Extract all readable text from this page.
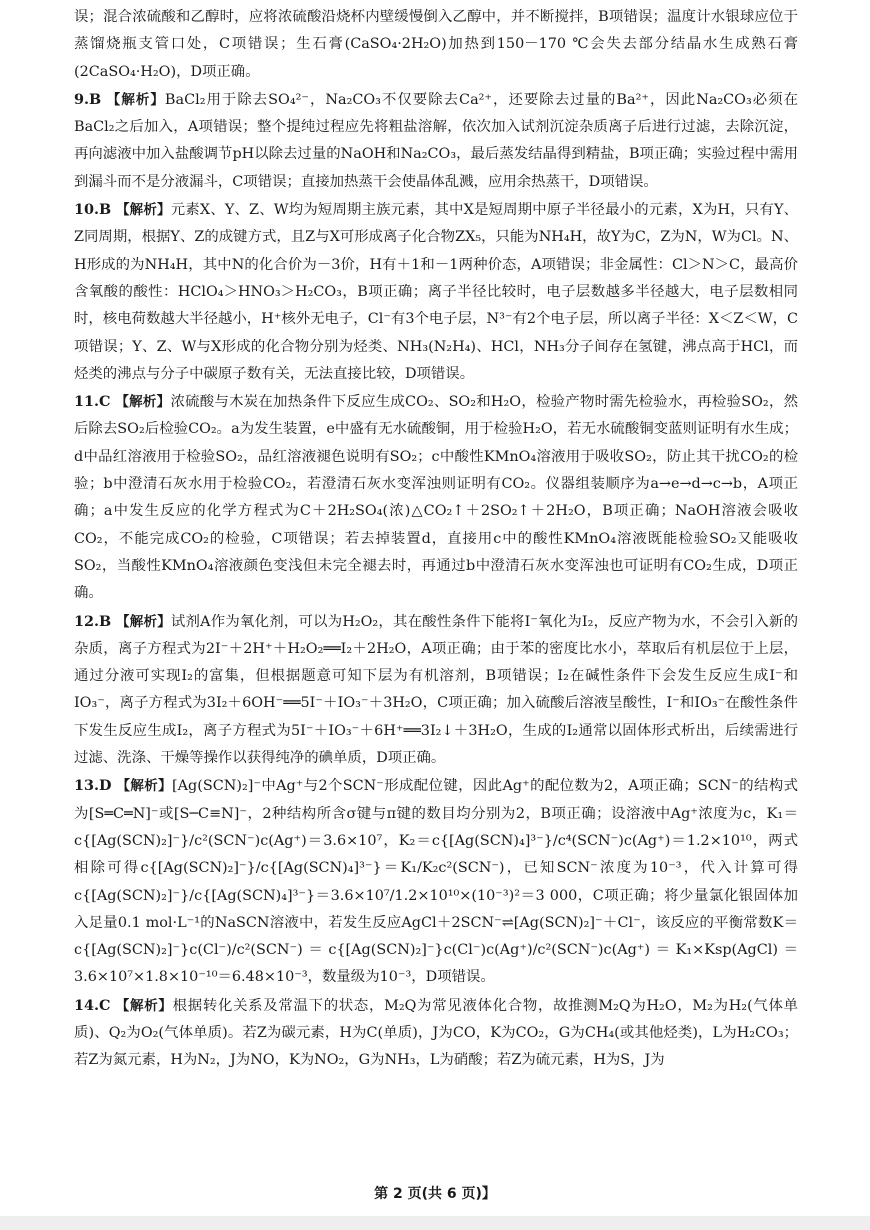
误；混合浓硫酸和乙醇时，应将浓硫酸沿烧杯内壁缓慢倒入乙醇中，并不断搅拌，B项错误；温度计水银球应位于蒸馏烧瓶支管口处，C项错误；生石膏(CaSO₄·2H₂O)加热到150－170 ℃会失去部分结晶水生成熟石膏(2CaSO₄·H₂O)，D项正确。

9.B 【解析】BaCl₂用于除去SO₄²⁻，Na₂CO₃不仅要除去Ca²⁺，还要除去过量的Ba²⁺，因此Na₂CO₃必须在BaCl₂之后加入，A项错误；整个提纯过程应先将粗盐溶解，依次加入试剂沉淀杂质离子后进行过滤，去除沉淀，再向滤液中加入盐酸调节pH以除去过量的NaOH和Na₂CO₃，最后蒸发结晶得到精盐，B项正确；实验过程中需用到漏斗而不是分液漏斗，C项错误；直接加热蒸干会使晶体乱溅，应用余热蒸干，D项错误。

10.B 【解析】元素X、Y、Z、W均为短周期主族元素，其中X是短周期中原子半径最小的元素，X为H，只有Y、Z同周期，根据Y、Z的成键方式，且Z与X可形成离子化合物ZX₅，只能为NH₄H，故Y为C，Z为N，W为Cl。N、H形成的为NH₄H，其中N的化合价为－3价，H有＋1和－1两种价态，A项错误；非金属性：Cl＞N＞C，最高价含氧酸的酸性：HClO₄＞HNO₃＞H₂CO₃，B项正确；离子半径比较时，电子层数越多半径越大，电子层数相同时，核电荷数越大半径越小，H⁺核外无电子，Cl⁻有3个电子层，N³⁻有2个电子层，所以离子半径：X＜Z＜W，C项错误；Y、Z、W与X形成的化合物分别为烃类、NH₃(N₂H₄)、HCl，NH₃分子间存在氢键，沸点高于HCl，而烃类的沸点与分子中碳原子数有关，无法直接比较，D项错误。

11.C 【解析】浓硫酸与木炭在加热条件下反应生成CO₂、SO₂和H₂O，检验产物时需先检验水，再检验SO₂，然后除去SO₂后检验CO₂。a为发生装置，e中盛有无水硫酸铜，用于检验H₂O，若无水硫酸铜变蓝则证明有水生成；d中品红溶液用于检验SO₂，品红溶液褪色说明有SO₂；c中酸性KMnO₄溶液用于吸收SO₂，防止其干扰CO₂的检验；b中澄清石灰水用于检验CO₂，若澄清石灰水变浑浊则证明有CO₂。仪器组装顺序为a→e→d→c→b，A项正确；a中发生反应的化学方程式为C＋2H₂SO₄(浓)△CO₂↑＋2SO₂↑＋2H₂O，B项正确；NaOH溶液会吸收CO₂，不能完成CO₂的检验，C项错误；若去掉装置d，直接用c中的酸性KMnO₄溶液既能检验SO₂又能吸收SO₂，当酸性KMnO₄溶液颜色变浅但未完全褪去时，再通过b中澄清石灰水变浑浊也可证明有CO₂生成，D项正确。

12.B 【解析】试剂A作为氧化剂，可以为H₂O₂，其在酸性条件下能将I⁻氧化为I₂，反应产物为水，不会引入新的杂质，离子方程式为2I⁻＋2H⁺＋H₂O₂══I₂＋2H₂O，A项正确；由于苯的密度比水小，萃取后有机层位于上层，通过分液可实现I₂的富集，但根据题意可知下层为有机溶剂，B项错误；I₂在碱性条件下会发生反应生成I⁻和IO₃⁻，离子方程式为3I₂＋6OH⁻══5I⁻＋IO₃⁻＋3H₂O，C项正确；加入硫酸后溶液呈酸性，I⁻和IO₃⁻在酸性条件下发生反应生成I₂，离子方程式为5I⁻＋IO₃⁻＋6H⁺══3I₂↓＋3H₂O，生成的I₂通常以固体形式析出，后续需进行过滤、洗涤、干燥等操作以获得纯净的碘单质，D项正确。

13.D 【解析】[Ag(SCN)₂]⁻中Ag⁺与2个SCN⁻形成配位键，因此Ag⁺的配位数为2，A项正确；SCN⁻的结构式为[S═C═N]⁻或[S─C≡N]⁻，2种结构所含σ键与π键的数目均分别为2，B项正确；设溶液中Ag⁺浓度为c，K₁＝c{[Ag(SCN)₂]⁻}/c²(SCN⁻)c(Ag⁺)＝3.6×10⁷，K₂＝c{[Ag(SCN)₄]³⁻}/c⁴(SCN⁻)c(Ag⁺)＝1.2×10¹⁰，两式相除可得c{[Ag(SCN)₂]⁻}/c{[Ag(SCN)₄]³⁻}＝K₁/K₂c²(SCN⁻)，已知SCN⁻浓度为10⁻³，代入计算可得c{[Ag(SCN)₂]⁻}/c{[Ag(SCN)₄]³⁻}＝3.6×10⁷/1.2×10¹⁰×(10⁻³)²＝3 000，C项正确；将少量氯化银固体加入足量0.1 mol·L⁻¹的NaSCN溶液中，若发生反应AgCl＋2SCN⁻⇌[Ag(SCN)₂]⁻＋Cl⁻，该反应的平衡常数K＝c{[Ag(SCN)₂]⁻}c(Cl⁻)/c²(SCN⁻)＝c{[Ag(SCN)₂]⁻}c(Cl⁻)c(Ag⁺)/c²(SCN⁻)c(Ag⁺)＝K₁×Ksp(AgCl)＝3.6×10⁷×1.8×10⁻¹⁰＝6.48×10⁻³，数量级为10⁻³，D项错误。

14.C 【解析】根据转化关系及常温下的状态，M₂Q为常见液体化合物，故推测M₂Q为H₂O，M₂为H₂(气体单质)、Q₂为O₂(气体单质)。若Z为碳元素，H为C(单质)，J为CO，K为CO₂，G为CH₄(或其他烃类)，L为H₂CO₃；若Z为氮元素，H为N₂，J为NO，K为NO₂，G为NH₃，L为硝酸；若Z为硫元素，H为S，J为

第 2 页(共 6 页)】
